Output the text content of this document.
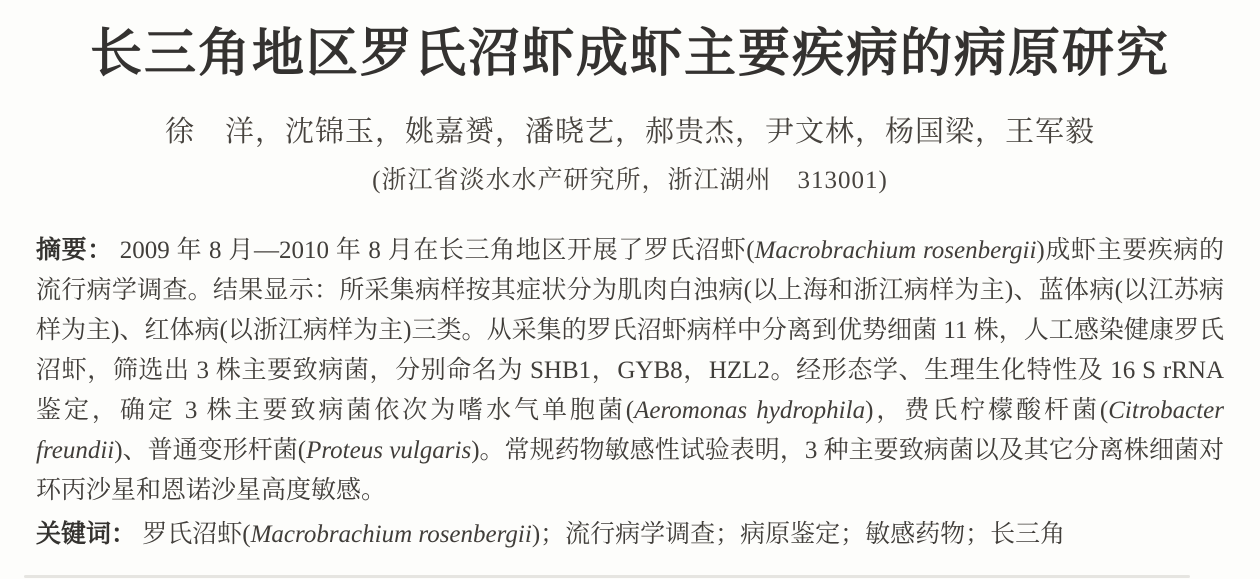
长三角地区罗氏沼虾成虾主要疾病的病原研究
徐　洋，沈锦玉，姚嘉赟，潘晓艺，郝贵杰，尹文林，杨国梁，王军毅
(浙江省淡水水产研究所，浙江湖州　313001)

摘要： 2009 年 8 月—2010 年 8 月在长三角地区开展了罗氏沼虾(Macrobrachium rosenbergii)成虾主要疾病的流行病学调查。结果显示：所采集病样按其症状分为肌肉白浊病(以上海和浙江病样为主)、蓝体病(以江苏病样为主)、红体病(以浙江病样为主)三类。从采集的罗氏沼虾病样中分离到优势细菌 11 株，人工感染健康罗氏沼虾，筛选出 3 株主要致病菌，分别命名为 SHB1，GYB8，HZL2。经形态学、生理生化特性及 16 S rRNA 鉴定，确定 3 株主要致病菌依次为嗜水气单胞菌(Aeromonas hydrophila)，费氏柠檬酸杆菌(Citrobacter freundii)、普通变形杆菌(Proteus vulgaris)。常规药物敏感性试验表明，3 种主要致病菌以及其它分离株细菌对环丙沙星和恩诺沙星高度敏感。

关键词： 罗氏沼虾(Macrobrachium rosenbergii)；流行病学调查；病原鉴定；敏感药物；长三角
